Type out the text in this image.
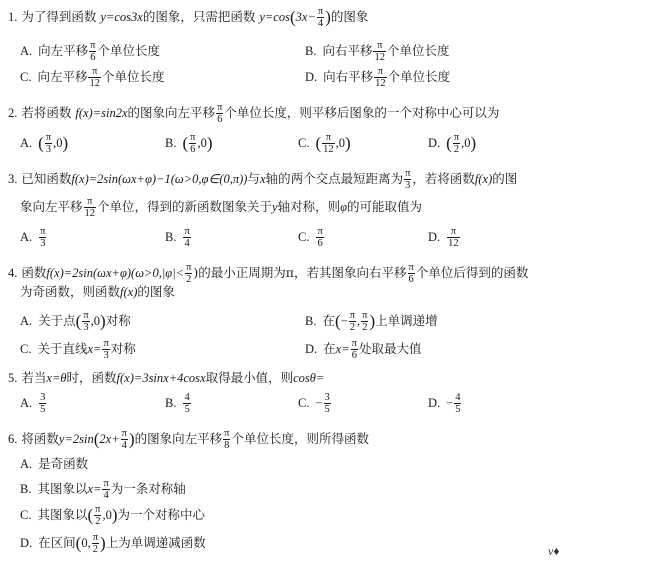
1. 为了得到函数 y=cos3x的图象，只需把函数 $y=\cos(3x- \frac{\pi}{4}$ )的图象
A. 向左平移 $\frac{\pi}{6}$ 个单位长度	B. 向右平移 $\frac{\pi}{12}$ 个单位长度
C. 向左平移 $\frac{\pi}{12}$ 个单位长度	D. 向右平移 $\frac{\pi}{12}$ 个单位长度
2. 若将函数 f(x)=sin2x的图象向左平移 $\frac{\pi}{6}$ 个单位长度，则平移后图象的一个对称中心可以为
A. ( $\frac{\pi}{3} ,0$)	B. ( $\frac{\pi}{6} ,0$)	C. ( $\frac{\pi}{12} ,0$)	D. ( $\frac{\pi}{2} ,0$)
3. 已知函数f(x)=2sin(ωx+φ)−1(ω>0,φ∈(0,π))与x轴的两个交点最短距离为 $\frac{\pi}{3}$ ，若将函数f(x)的图
象向左平移 $\frac{\pi}{12}$ 个单位，得到的新函数图象关于y轴对称，则φ的可能取值为
A. $\frac{\pi}{3}$	B. $\frac{\pi}{4}$	C. $\frac{\pi}{6}$	D. $\frac{\pi}{12}$
4. 函数$f(x)=2\sin(\omega x+\varphi)(\omega>0,|\varphi|< \frac{\pi}{2}$ )的最小正周期为π，若其图象向右平移 $\frac{\pi}{6}$ 个单位后得到的函数
为奇函数，则函数f(x)的图象
A. 关于点( $\frac{\pi}{3} ,0$)对称	B. 在(− $\frac{\pi}{2}$ , $\frac{\pi}{2}$ )上单调递增
C. 关于直线$x= \frac{\pi}{3}$ 对称	D. 在$x= \frac{\pi}{6}$ 处取最大值
5. 若当x=θ时，函数f(x)=3sinx+4cosx取得最小值，则cosθ=
A. $\frac{3}{5}$	B. $\frac{4}{5}$	C. − $\frac{3}{5}$	D. − $\frac{4}{5}$
6. 将函数$y=2\sin(2x+ \frac{\pi}{4}$ )的图象向左平移 $\frac{\pi}{8}$ 个单位长度，则所得函数
A. 是奇函数
B. 其图象以$x= \frac{\pi}{4}$ 为一条对称轴
C. 其图象以( $\frac{\pi}{2} ,0$)为一个对称中心
D. 在区间(0, $\frac{\pi}{2}$ )上为单调递减函数
v♦
